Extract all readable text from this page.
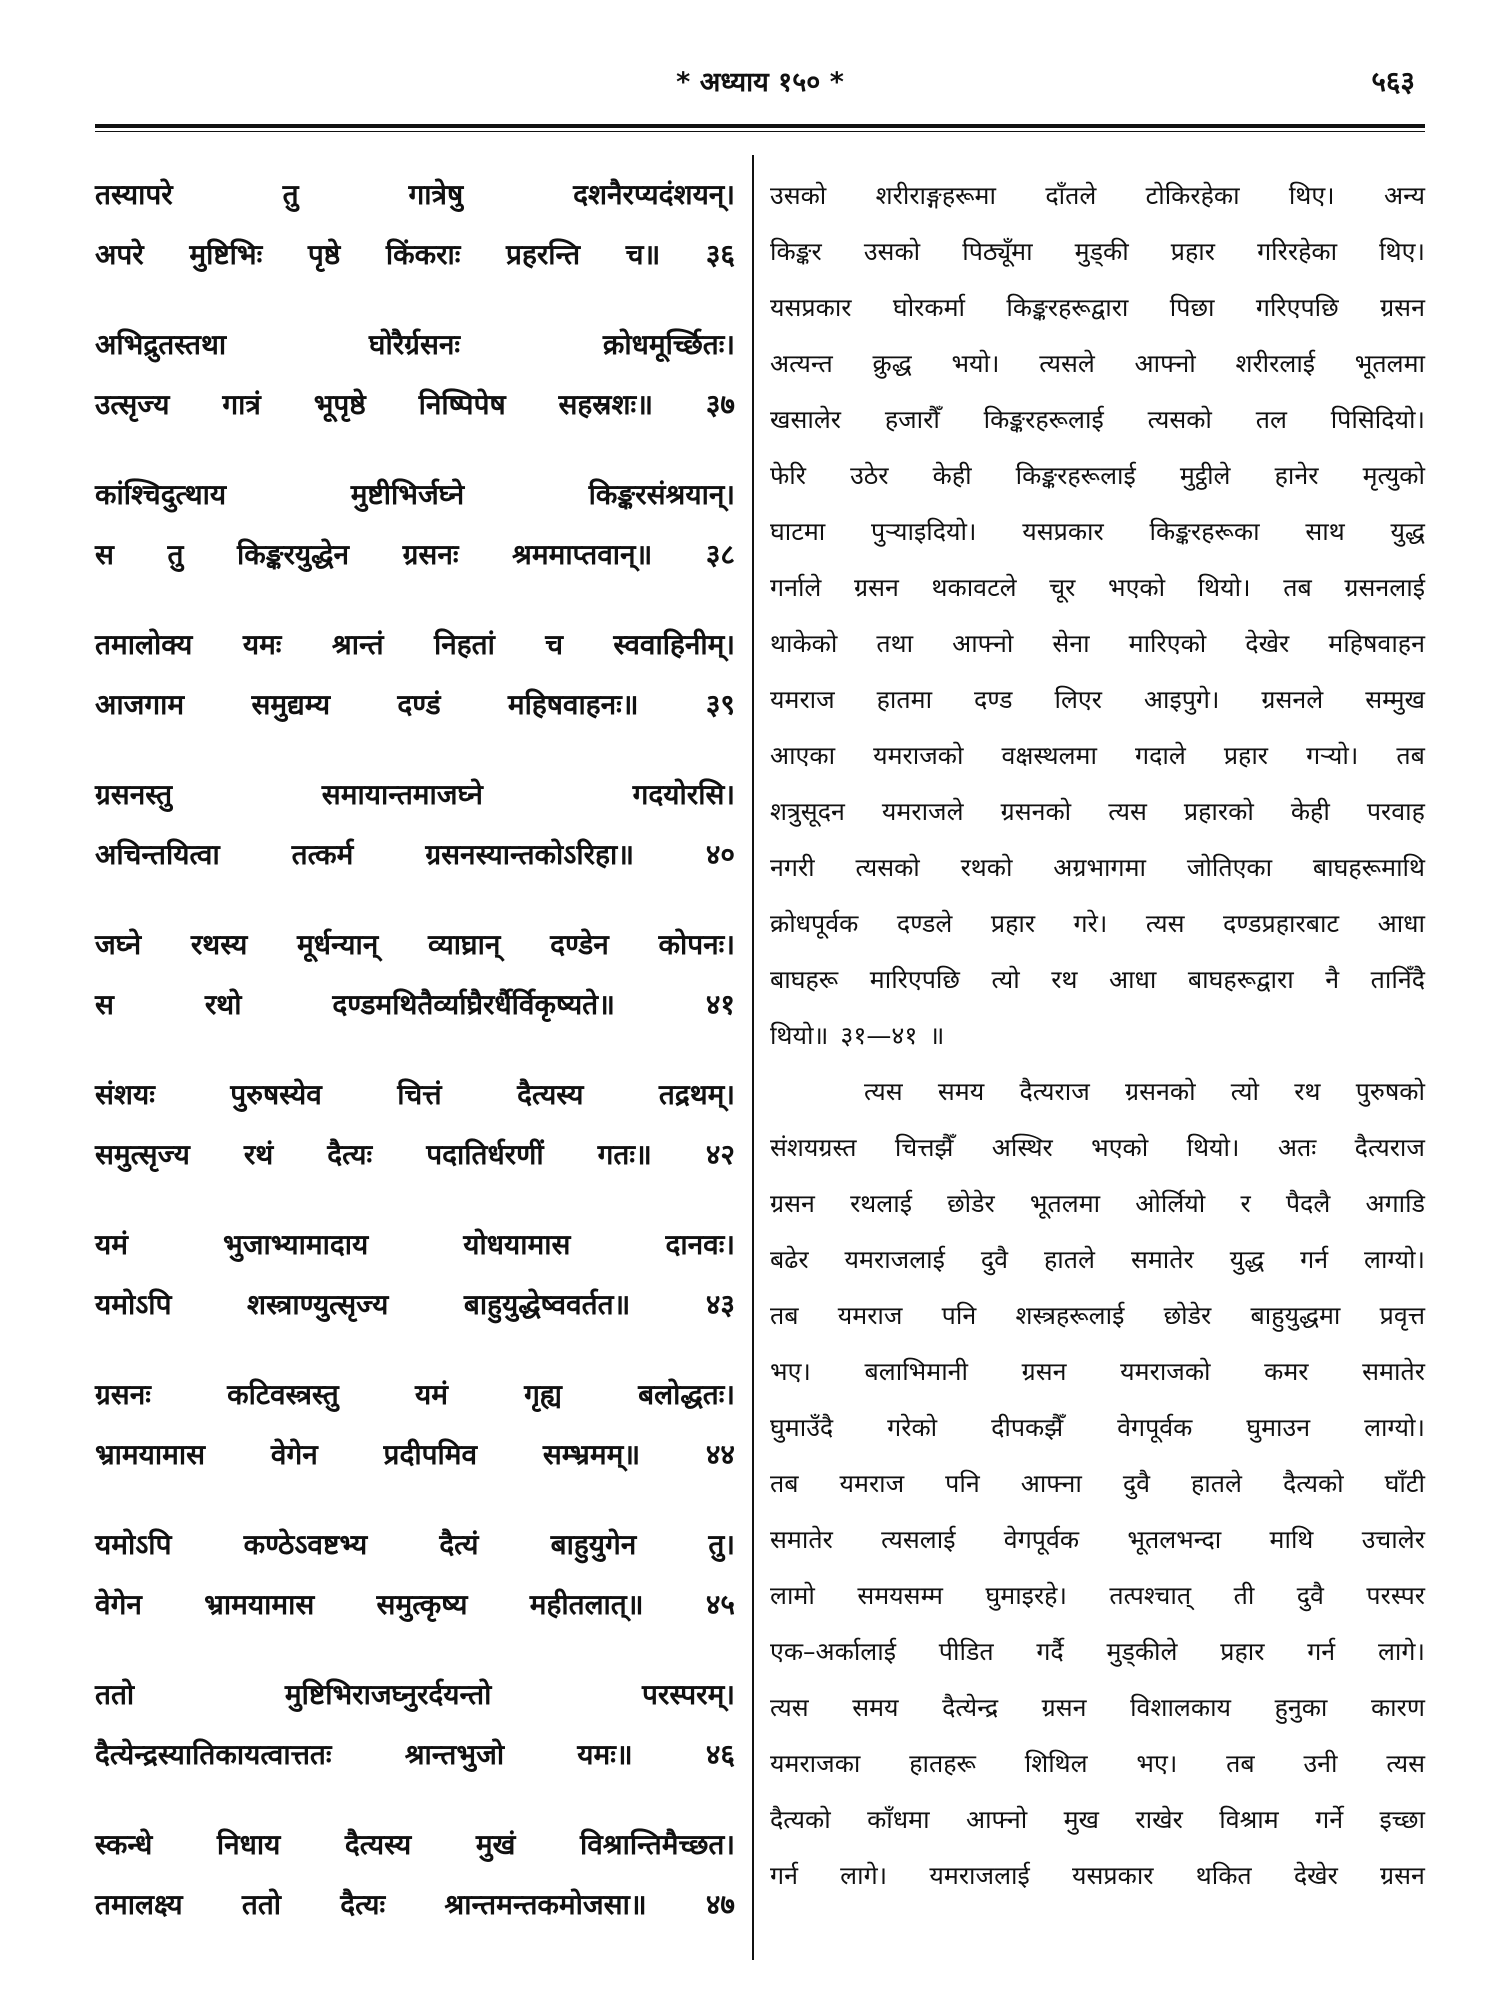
* अध्याय १५० *	५६३
तस्यापरे	तु	गात्रेषु	दशनैरप्यदंशयन्।
अपरे मुष्टिभिः पृष्ठे किंकराः प्रहरन्ति च॥ ३६
अभिद्रुतस्तथा	घोरैर्ग्रसनः	क्रोधमूर्च्छितः।
उत्सृज्य गात्रं भूपृष्ठे निष्पिपेष सहस्रशः॥ ३७
कांश्चिदुत्थाय	मुष्टीभिर्जघ्ने	किङ्करसंश्रयान्।
स तु किङ्करयुद्धेन ग्रसनः श्रममाप्तवान्॥ ३८
तमालोक्य यमः श्रान्तं निहतां च स्ववाहिनीम्।
आजगाम समुद्यम्य दण्डं महिषवाहनः॥ ३९
ग्रसनस्तु	समायान्तमाजघ्ने	गदयोरसि।
अचिन्तयित्वा	तत्कर्म	ग्रसनस्यान्तकोऽरिहा॥	४०
जघ्ने रथस्य मूर्धन्यान् व्याघ्रान् दण्डेन कोपनः।
स	रथो	दण्डमथितैर्व्याघ्रैरर्धैर्विकृष्यते॥	४१
संशयः	पुरुषस्येव	चित्तं	दैत्यस्य	तद्रथम्।
समुत्सृज्य रथं दैत्यः पदातिर्धरणीं गतः॥ ४२
यमं	भुजाभ्यामादाय	योधयामास	दानवः।
यमोऽपि	शस्त्राण्युत्सृज्य	बाहुयुद्धेष्ववर्तत॥	४३
ग्रसनः	कटिवस्त्रस्तु	यमं	गृह्य	बलोद्धतः।
भ्रामयामास वेगेन प्रदीपमिव सम्भ्रमम्॥ ४४
यमोऽपि	कण्ठेऽवष्टभ्य	दैत्यं	बाहुयुगेन	तु।
वेगेन भ्रामयामास समुत्कृष्य महीतलात्॥ ४५
ततो	मुष्टिभिराजघ्नुरर्दयन्तो	परस्परम्।
दैत्येन्द्रस्यातिकायत्वात्ततः	श्रान्तभुजो	यमः॥	४६
स्कन्धे निधाय दैत्यस्य मुखं विश्रान्तिमैच्छत।
तमालक्ष्य ततो दैत्यः श्रान्तमन्तकमोजसा॥ ४७
उसको शरीराङ्गहरूमा दाँतले टोकिरहेका थिए। अन्य
किङ्कर उसको पिठ्यूँमा मुड्की प्रहार गरिरहेका थिए।
यसप्रकार घोरकर्मा किङ्करहरूद्वारा पिछा गरिएपछि ग्रसन
अत्यन्त क्रुद्ध भयो। त्यसले आफ्नो शरीरलाई भूतलमा
खसालेर हजारौँ किङ्करहरूलाई त्यसको तल पिसिदियो।
फेरि उठेर केही किङ्करहरूलाई मुट्ठीले हानेर मृत्युको
घाटमा पुऱ्याइदियो। यसप्रकार किङ्करहरूका साथ युद्ध
गर्नाले ग्रसन थकावटले चूर भएको थियो। तब ग्रसनलाई
थाकेको तथा आफ्नो सेना मारिएको देखेर महिषवाहन
यमराज हातमा दण्ड लिएर आइपुगे। ग्रसनले सम्मुख
आएका यमराजको वक्षस्थलमा गदाले प्रहार गऱ्यो। तब
शत्रुसूदन यमराजले ग्रसनको त्यस प्रहारको केही परवाह
नगरी त्यसको रथको अग्रभागमा जोतिएका बाघहरूमाथि
क्रोधपूर्वक दण्डले प्रहार गरे। त्यस दण्डप्रहारबाट आधा
बाघहरू मारिएपछि त्यो रथ आधा बाघहरूद्वारा नै तानिँदै
थियो॥ ३१—४१ ॥
त्यस समय दैत्यराज ग्रसनको त्यो रथ पुरुषको
संशयग्रस्त चित्तझैँ अस्थिर भएको थियो। अतः दैत्यराज
ग्रसन रथलाई छोडेर भूतलमा ओर्लियो र पैदलै अगाडि
बढेर यमराजलाई दुवै हातले समातेर युद्ध गर्न लाग्यो।
तब यमराज पनि शस्त्रहरूलाई छोडेर बाहुयुद्धमा प्रवृत्त
भए। बलाभिमानी ग्रसन यमराजको कमर समातेर
घुमाउँदै गरेको दीपकझैँ वेगपूर्वक घुमाउन लाग्यो।
तब यमराज पनि आफ्ना दुवै हातले दैत्यको घाँटी
समातेर त्यसलाई वेगपूर्वक भूतलभन्दा माथि उचालेर
लामो समयसम्म घुमाइरहे। तत्पश्चात् ती दुवै परस्पर
एक–अर्कालाई पीडित गर्दै मुड्कीले प्रहार गर्न लागे।
त्यस समय दैत्येन्द्र ग्रसन विशालकाय हुनुका कारण
यमराजका हातहरू शिथिल भए। तब उनी त्यस
दैत्यको काँधमा आफ्नो मुख राखेर विश्राम गर्ने इच्छा
गर्न लागे। यमराजलाई यसप्रकार थकित देखेर ग्रसन
